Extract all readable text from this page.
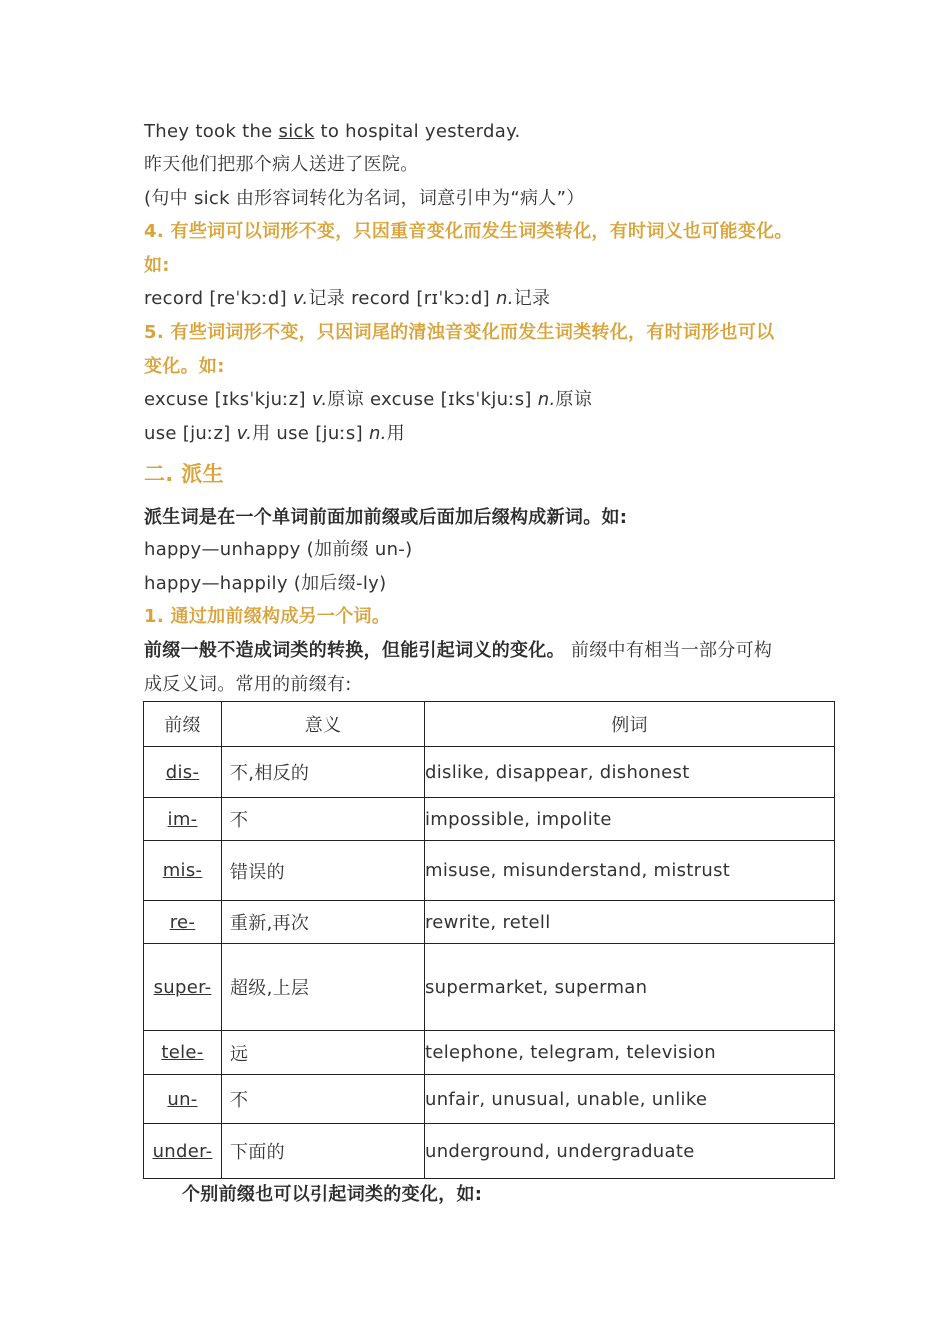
They took the sick to hospital yesterday.
昨天他们把那个病人送进了医院。
(句中 sick 由形容词转化为名词，词意引申为“病人”）
4. 有些词可以词形不变，只因重音变化而发生词类转化，有时词义也可能变化。
如:
record [reˈkɔːd] v.记录 record [rɪˈkɔːd] n.记录
5. 有些词词形不变，只因词尾的清浊音变化而发生词类转化，有时词形也可以
变化。如:
excuse [ɪksˈkjuːz] v.原谅 excuse [ɪksˈkjuːs] n.原谅
use [juːz] v.用 use [juːs] n.用
二. 派生
派生词是在一个单词前面加前缀或后面加后缀构成新词。如:
happy—unhappy (加前缀 un-)
happy—happily (加后缀-ly)
1. 通过加前缀构成另一个词。
前缀一般不造成词类的转换，但能引起词义的变化。 前缀中有相当一部分可构
成反义词。常用的前缀有:
前缀	意义	例词
dis-	不,相反的	dislike, disappear, dishonest
im-	不	impossible, impolite
mis-	错误的	misuse, misunderstand, mistrust
re-	重新,再次	rewrite, retell
super-	超级,上层	supermarket, superman
tele-	远	telephone, telegram, television
un-	不	unfair, unusual, unable, unlike
under-	下面的	underground, undergraduate
个别前缀也可以引起词类的变化，如:
